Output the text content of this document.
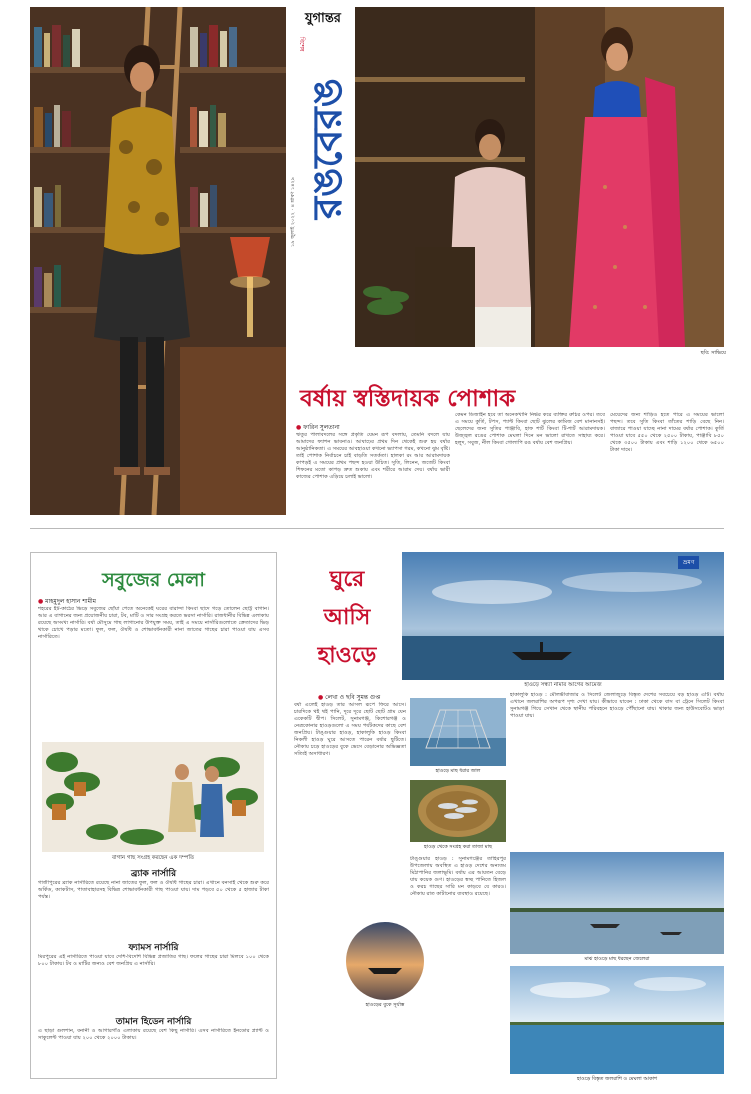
যুগান্তর
বিশেষ
রঙবেরঙ
১৯ জুলাই ২০২২ · ৪ শ্রাবণ ১৪২৯
ছবি: সাভিয়ে
বর্ষায় স্বস্তিদায়ক পোশাক
● ফারিন সুলতানা
ঋতুর পালাবদলের সঙ্গে প্রকৃতি যেমন রূপ বদলায়, তেমনি বদলে যায় আমাদের ফ্যাশন ভাবনাও। আষাঢ়ের প্রথম দিন থেকেই শুরু হয় বর্ষার আনুষ্ঠানিকতা। এ সময়ের আবহাওয়া কখনো ভ্যাপসা গরম, কখনো ঝুম বৃষ্টি। তাই পোশাক নির্বাচনে চাই বাড়তি সতর্কতা। হালকা রং আর আরামদায়ক কাপড়ই এ সময়ের প্রথম পছন্দ হওয়া উচিত। সুতি, লিনেন, জর্জেট কিংবা শিফনের মতো কাপড় দ্রুত শুকায় এবং শরীরে আরাম দেয়। বর্ষায় ভারী কাজের পোশাক এড়িয়ে চলাই ভালো।
কেমন ডিজাইন হবে তা অনেকখানি নির্ভর করে ব্যক্তির রুচির ওপর। তবে এ সময়ে কুর্তি, টপস, প্যান্ট কিংবা ছোট ঝুলের কামিজ বেশ মানানসই। ছেলেদের জন্য সুতির পাঞ্জাবি, হাফ শার্ট কিংবা টি-শার্ট আরামদায়ক। উজ্জ্বল রঙের পোশাক মেঘলা দিনে মন ভালো রাখতে সাহায্য করে। হলুদ, সবুজ, নীল কিংবা গোলাপি রঙ বর্ষায় বেশ জনপ্রিয়।
মেয়েদের জন্য শাড়িও হতে পারে এ সময়ের ভালো পছন্দ। তবে সুতি কিংবা তাঁতের শাড়ি বেছে নিন। বাজারে পাওয়া যাচ্ছে নানা দামের বর্ষার পোশাক। কুর্তি পাওয়া যাবে ৫৫০ থেকে ২৫০০ টাকায়, পাঞ্জাবি ৮৫০ থেকে ৩৫০০ টাকায় এবং শাড়ি ১২০০ থেকে ৬৫০০ টাকা দামে।
সবুজের মেলা
● মাহমুদুল হাসান শামীম
শহরের ইট-কাঠের ভিড়ে সবুজের ছোঁয়া পেতে অনেকেই ঘরের বারান্দা কিংবা ছাদে গড়ে তোলেন ছোট্ট বাগান। আর এ বাগানের জন্য প্রয়োজনীয় চারা, টব, মাটি ও সার সংগ্রহ করতে ভরসা নার্সারি। রাজধানীর বিভিন্ন এলাকায় রয়েছে অসংখ্য নার্সারি। বর্ষা মৌসুমে গাছ লাগানোর উপযুক্ত সময়, তাই এ সময়ে নার্সারিগুলোতে ক্রেতাদের ভিড় থাকে চোখে পড়ার মতো। ফুল, ফল, ঔষধি ও শোভাবর্ধনকারী নানা জাতের গাছের চারা পাওয়া যায় এসব নার্সারিতে।
বাগান গাছ সংগ্রহ করছেন এক দম্পতি
ব্র্যাক নার্সারি
গাজীপুরের ব্র্যাক নার্সারিতে রয়েছে নানা জাতের ফুল, ফল ও ঔষধি গাছের চারা। এখানে বনসাই থেকে শুরু করে অর্কিড, ক্যাকটাস, পাতাবাহারসহ বিভিন্ন শোভাবর্ধনকারী গাছ পাওয়া যায়। দাম পড়বে ৫০ থেকে ৫ হাজার টাকা পর্যন্ত।
ফ্যামস নার্সারি
মিরপুরের এই নার্সারিতে পাওয়া যাবে দেশি-বিদেশি বিভিন্ন প্রজাতির গাছ। ফলের গাছের চারা মিলবে ১০০ থেকে ৮০০ টাকায়। টব ও মাটির জন্যও বেশ জনপ্রিয় এ নার্সারি।
তামান হিডেন নার্সারি
এ ছাড়া গুলশান, বনানী ও আগারগাঁও এলাকায় রয়েছে বেশ কিছু নার্সারি। এসব নার্সারিতে ইনডোর প্ল্যান্ট ও সাকুলেন্ট পাওয়া যায় ২০০ থেকে ২০০০ টাকায়।
ঘুরে
আসি
হাওড়ে
ভ্রমণ
হাওড়ে সন্ধ্যা নামার আগের আমেজ
● লেখা ও ছবি সুমন্ত গুপ্ত
বর্ষা এলেই হাওড় তার আসল রূপে ফিরে আসে। চারদিকে থই থই পানি, দূরে দূরে ছোট ছোট গ্রাম যেন একেকটি দ্বীপ। সিলেট, সুনামগঞ্জ, কিশোরগঞ্জ ও নেত্রকোনার হাওড়গুলো এ সময় পর্যটকদের কাছে বেশ জনপ্রিয়। টাঙ্গুয়ার হাওড়, হাকালুকি হাওড় কিংবা নিকলী হাওড় ঘুরে আসতে পারেন বর্ষার ছুটিতে। নৌকায় চড়ে হাওড়ের বুকে ভেসে বেড়ানোর অভিজ্ঞতা সত্যিই অসাধারণ।
হাওড়ে মাছ ধরার জাল
হাওড় থেকে সংগ্রহ করা তাজা মাছ
টাঙ্গুয়ার হাওড় : সুনামগঞ্জের তাহিরপুর উপজেলায় অবস্থিত এ হাওড় দেশের অন্যতম মিঠাপানির জলাভূমি। বর্ষায় এর আয়তন বেড়ে যায় কয়েক গুণ। হাওড়ের স্বচ্ছ পানিতে হিজল ও করচ গাছের সারি মন কাড়বে যে কারও। নৌকায় রাত কাটানোর ব্যবস্থাও রয়েছে।
হাওড়ের বুকে সূর্যাস্ত
হাকালুকি হাওড় : মৌলভীবাজার ও সিলেট জেলাজুড়ে বিস্তৃত দেশের সবচেয়ে বড় হাওড় এটি। বর্ষায় এখানে জলরাশির অপরূপ দৃশ্য দেখা যায়। কীভাবে যাবেন : ঢাকা থেকে বাস বা ট্রেনে সিলেট কিংবা সুনামগঞ্জ গিয়ে সেখান থেকে স্থানীয় পরিবহনে হাওড়ে পৌঁছানো যায়। থাকার জন্য হাউসবোটও ভাড়া পাওয়া যায়।
মাঝ হাওড়ে মাছ ধরছেন জেলেরা
হাওড়ে বিস্তৃত জলরাশি ও মেঘলা আকাশ
